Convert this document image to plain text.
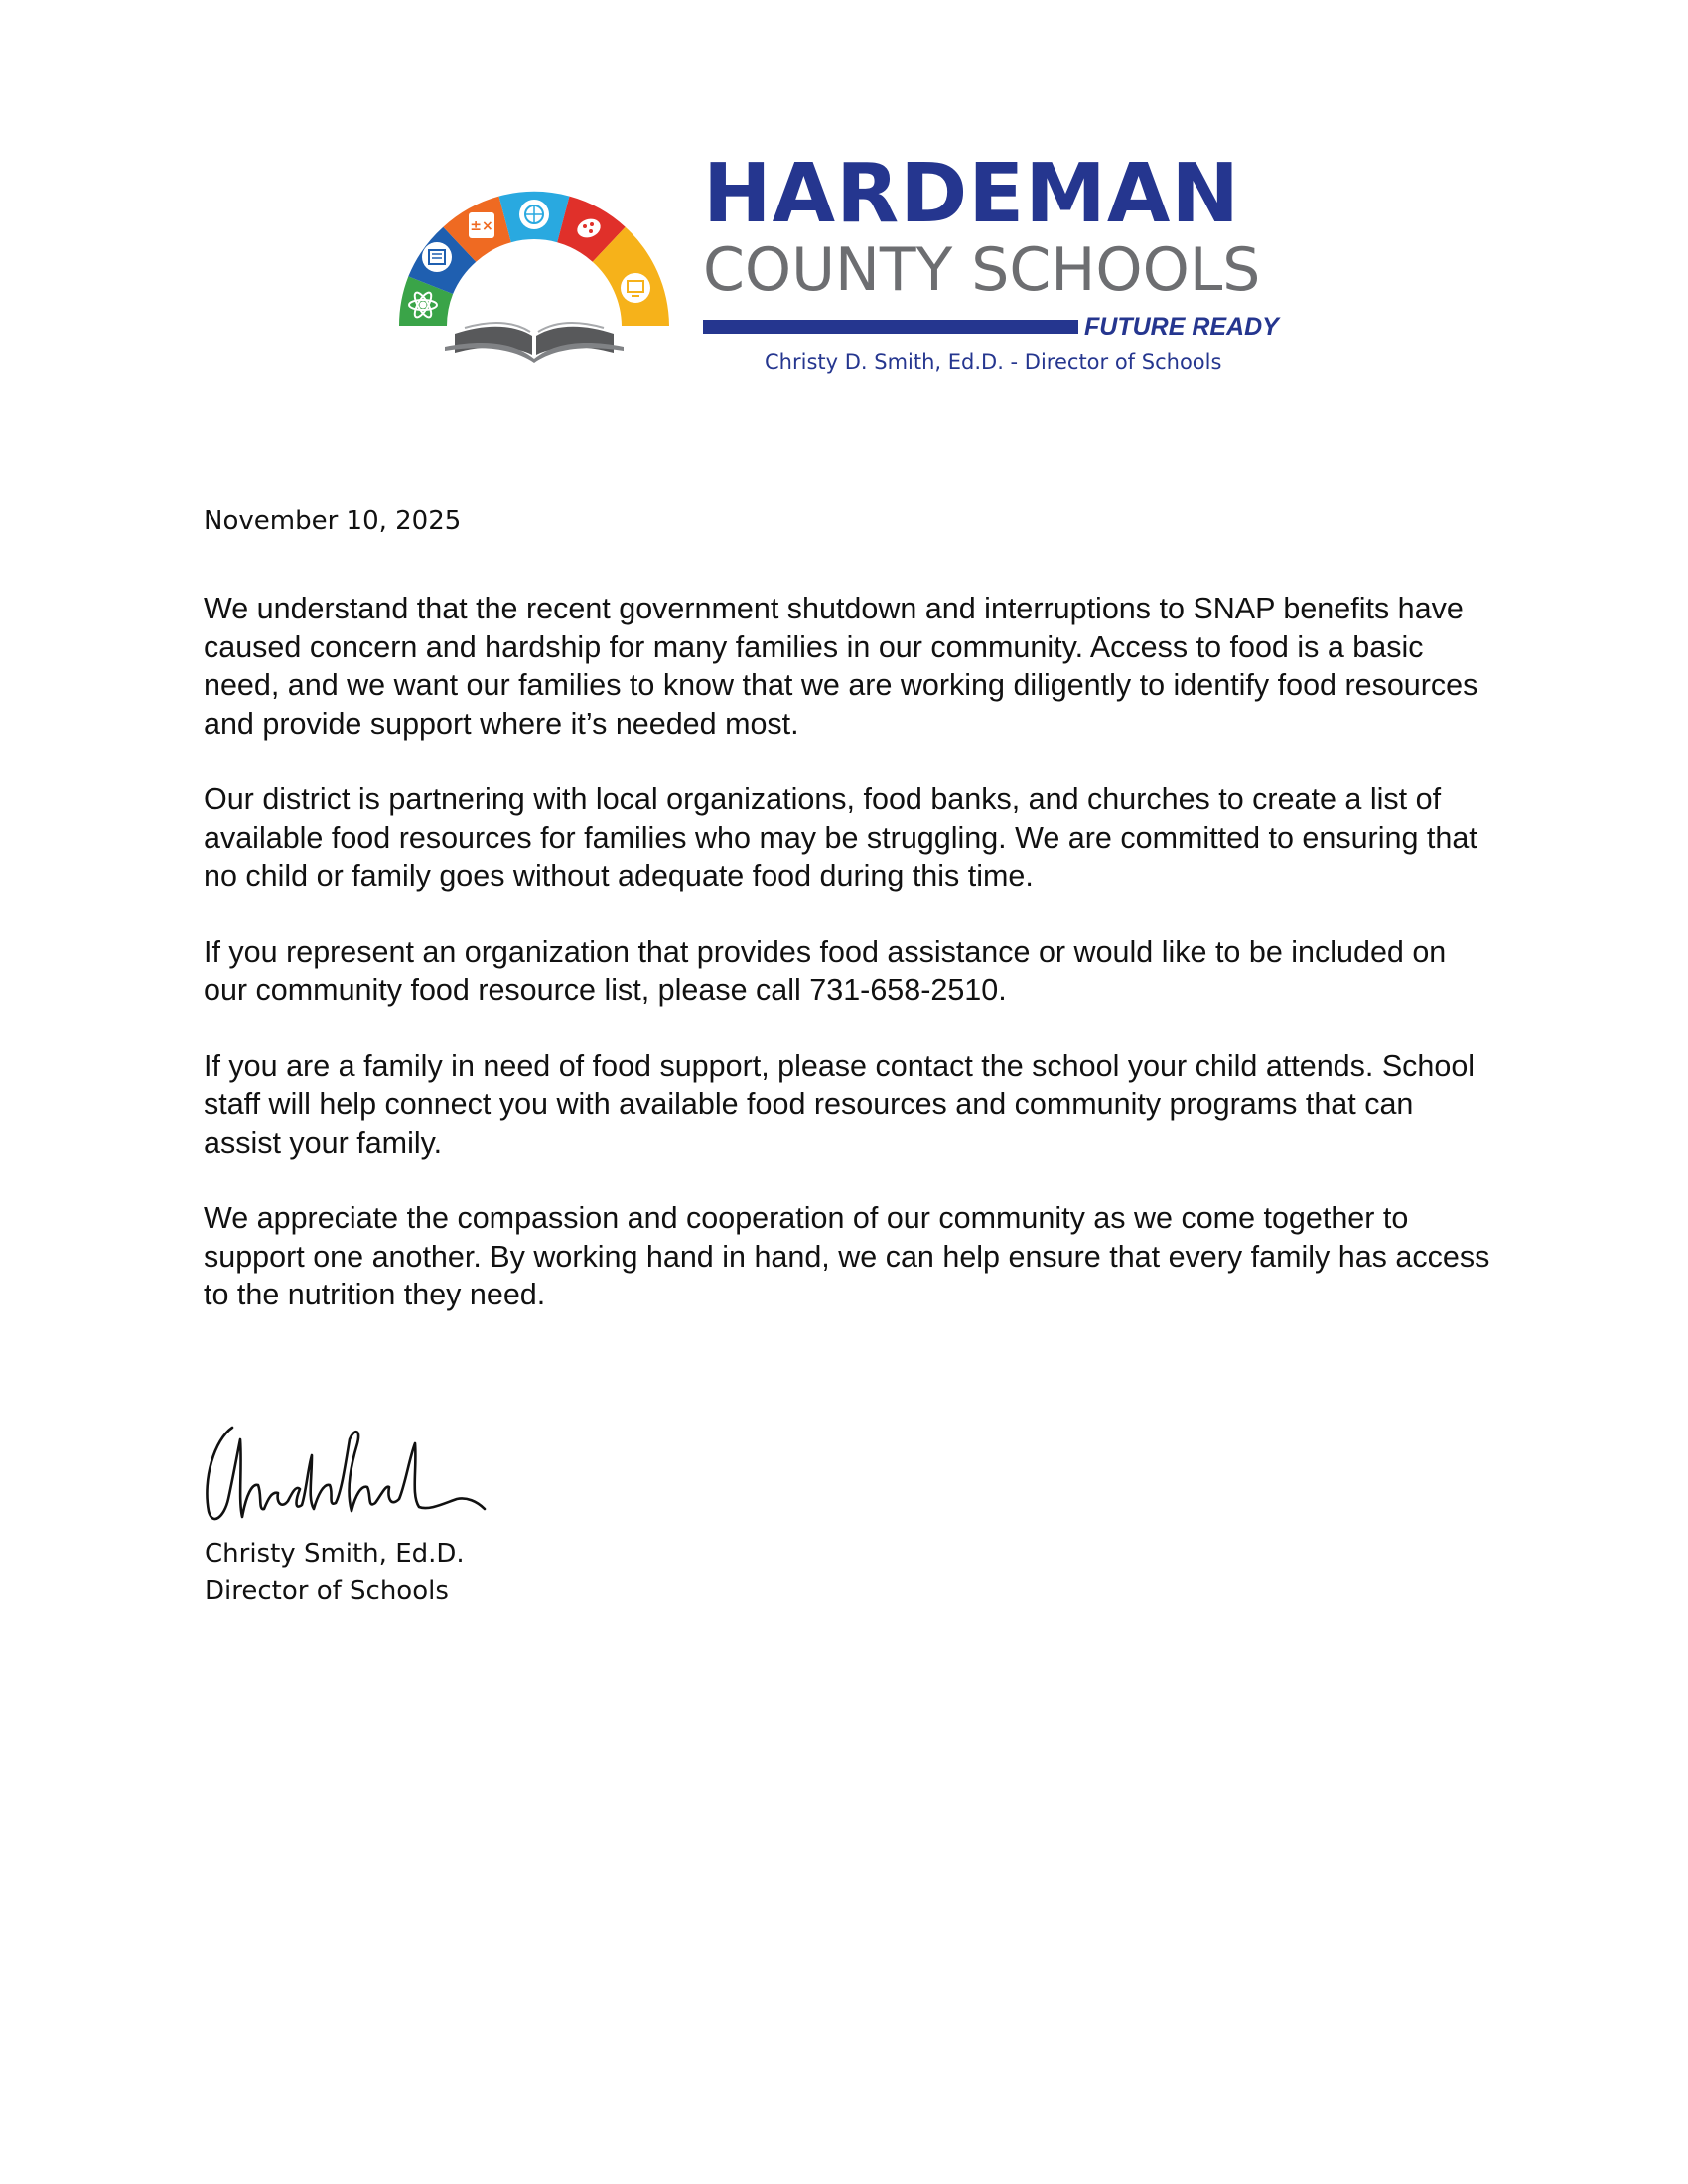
±×	HARDEMAN
COUNTY SCHOOLS
FUTURE READY
Christy D. Smith, Ed.D. - Director of Schools
November 10, 2025

We understand that the recent government shutdown and interruptions to SNAP benefits have caused concern and hardship for many families in our community. Access to food is a basic need, and we want our families to know that we are working diligently to identify food resources and provide support where it’s needed most.

Our district is partnering with local organizations, food banks, and churches to create a list of available food resources for families who may be struggling. We are committed to ensuring that no child or family goes without adequate food during this time.

If you represent an organization that provides food assistance or would like to be included on our community food resource list, please call 731-658-2510.

If you are a family in need of food support, please contact the school your child attends. School staff will help connect you with available food resources and community programs that can assist your family.

We appreciate the compassion and cooperation of our community as we come together to support one another. By working hand in hand, we can help ensure that every family has access to the nutrition they need.

Christy Smith, Ed.D.
Director of Schools
